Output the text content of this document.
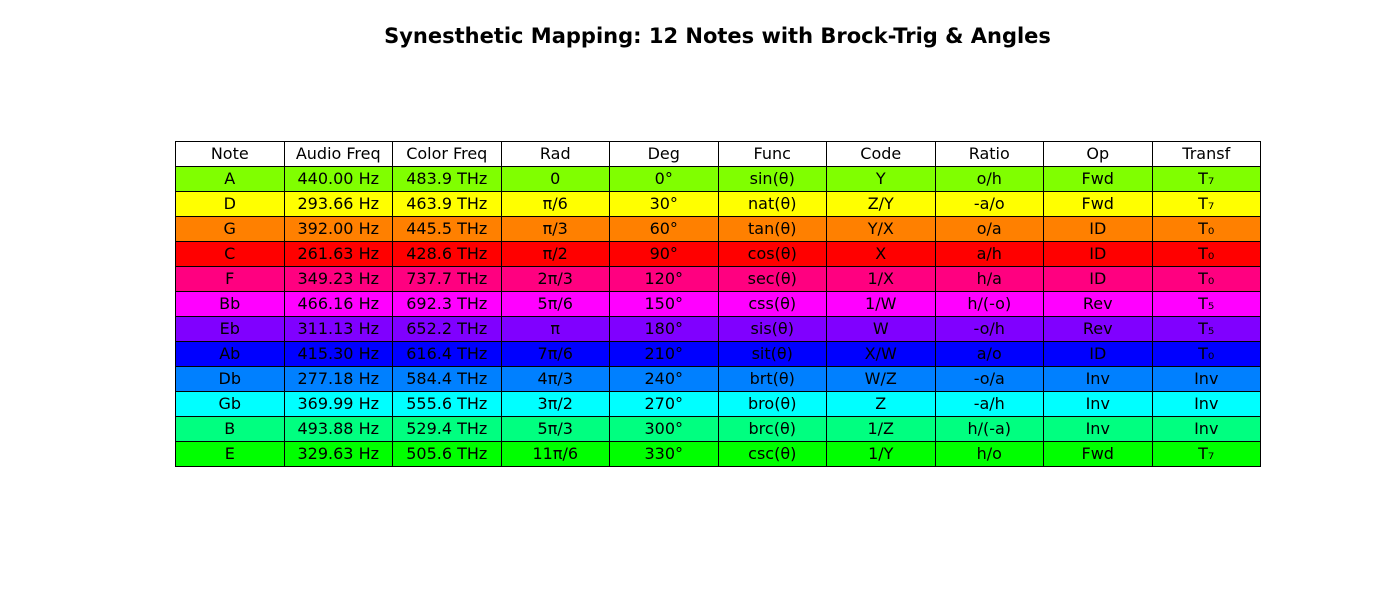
Synesthetic Mapping: 12 Notes with Brock-Trig & Angles
Note	Audio Freq	Color Freq	Rad	Deg	Func	Code	Ratio	Op	Transf
A	440.00 Hz	483.9 THz	0	0°	sin(θ)	Y	o/h	Fwd	T₇
D	293.66 Hz	463.9 THz	π/6	30°	nat(θ)	Z/Y	-a/o	Fwd	T₇
G	392.00 Hz	445.5 THz	π/3	60°	tan(θ)	Y/X	o/a	ID	T₀
C	261.63 Hz	428.6 THz	π/2	90°	cos(θ)	X	a/h	ID	T₀
F	349.23 Hz	737.7 THz	2π/3	120°	sec(θ)	1/X	h/a	ID	T₀
Bb	466.16 Hz	692.3 THz	5π/6	150°	css(θ)	1/W	h/(-o)	Rev	T₅
Eb	311.13 Hz	652.2 THz	π	180°	sis(θ)	W	-o/h	Rev	T₅
Ab	415.30 Hz	616.4 THz	7π/6	210°	sit(θ)	X/W	a/o	ID	T₀
Db	277.18 Hz	584.4 THz	4π/3	240°	brt(θ)	W/Z	-o/a	Inv	Inv
Gb	369.99 Hz	555.6 THz	3π/2	270°	bro(θ)	Z	-a/h	Inv	Inv
B	493.88 Hz	529.4 THz	5π/3	300°	brc(θ)	1/Z	h/(-a)	Inv	Inv
E	329.63 Hz	505.6 THz	11π/6	330°	csc(θ)	1/Y	h/o	Fwd	T₇
